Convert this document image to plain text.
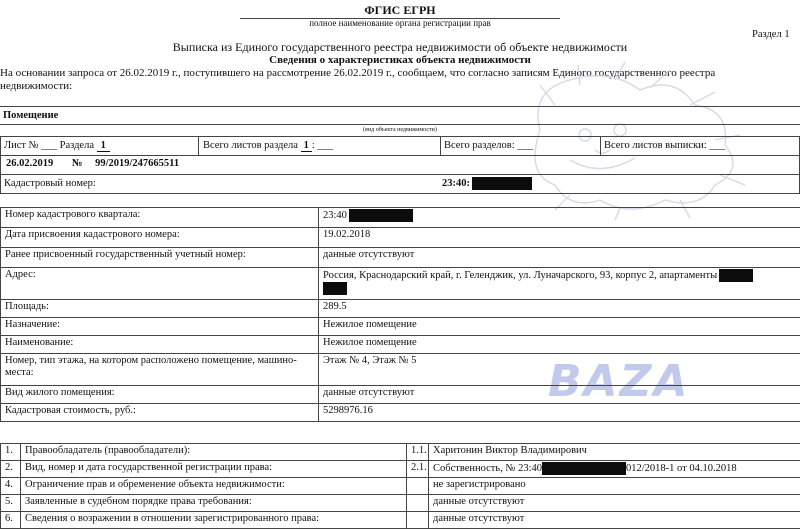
ФГИС ЕГРН
полное наименование органа регистрации прав
Раздел 1
Выписка из Единого государственного реестра недвижимости об объекте недвижимости
Сведения о характеристиках объекта недвижимости
На основании запроса от 26.02.2019 г., поступившего на рассмотрение 26.02.2019 г., сообщаем, что согласно записям Единого государственного реестра
недвижимости:
BAZA
Помещение
(вид объекта недвижимости)
Лист № ___ Раздела 1	Всего листов раздела 1 : ___	Всего разделов: ___	Всего листов выписки: ___
26.02.2019 № 99/2019/247665511
Кадастровый номер:	23:40:
Номер кадастрового квартала:	23:40
Дата присвоения кадастрового номера:	19.02.2018
Ранее присвоенный государственный учетный номер:	данные отсутствуют
Адрес:	Россия, Краснодарский край, г. Геленджик, ул. Луначарского, 93, корпус 2, апартаменты

Площадь:	289.5
Назначение:	Нежилое помещение
Наименование:	Нежилое помещение
Номер, тип этажа, на котором расположено помещение, машино-места:	Этаж № 4, Этаж № 5
Вид жилого помещения:	данные отсутствуют
Кадастровая стоимость, руб.:	5298976.16
1.	Правообладатель (правообладатели):	1.1.	Харитонин Виктор Владимирович
2.	Вид, номер и дата государственной регистрации права:	2.1.	Собственность, № 23:40 012/2018-1 от 04.10.2018
4.	Ограничение прав и обременение объекта недвижимости:		не зарегистрировано
5.	Заявленные в судебном порядке права требования:		данные отсутствуют
6.	Сведения о возражении в отношении зарегистрированного права:		данные отсутствуют
